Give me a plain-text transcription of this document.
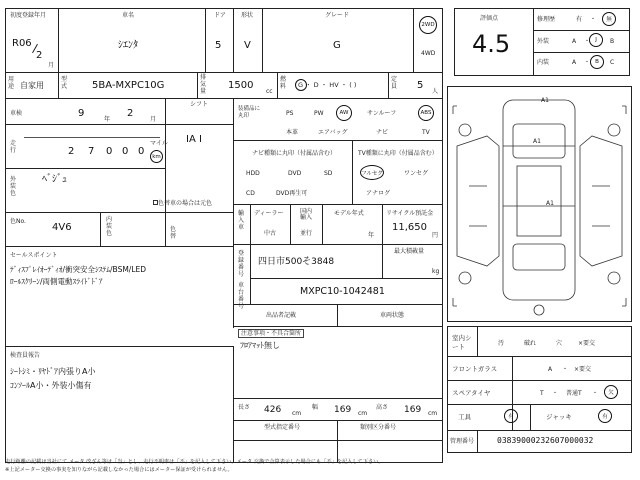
初度登録年月
R06
2
月
車名
ｼｴﾝﾀ
ドア
5
形状
V
グレード
G
2WD
4WD
評価点
4.5
修理歴	有 ・	無
外装	A ・ J	B
内装	A ・ B	C
用途 自家用
型式 5BA-MXPC10G
排気量
1500
cc
燃料 G ・ D ・ HV ・ ( )
定員 5
人
車検	9
年
2
月
シフト
IA I
走行	2 7 0 0 0
マイル
km
外装色
ﾍﾞｼﾞｭ
色替車の場合は元色
色No.
4V6
内装色
色替
セールスポイント
ﾃﾞｨｽﾌﾟﾚｲｵｰﾃﾞｨｵ/衝突安全ｼｽﾃﾑ/BSM/LED
ﾛｰﾙｽｸﾘｰﾝ/両側電動ｽﾗｲﾄﾞﾄﾞｱ
検査員報告
ｼｰﾄｼﾐ・ﾘﾔﾄﾞｱ内張りA小
ｺﾝｿｰﾙA小・外装小傷有
装備品に丸印	PS	PW	AW	サンルーフ	ABS
本革	エアバッグ	ナビ	TV
ナビ種類に丸印（付属品含む）
HDD	DVD	SD
CD	DVD再生可
TV種類に丸印（付属品含む）
フルセグ	ワンセグ
アナログ
輸入車
ディーラー	国内
輸入
中古	並行
モデル年式
年
リサイクル預託金
11,650
円
登録番号
四日市500そ3848
最大積載量
kg
車台番号
MXPC10-1042481
出品者記載	車両状態
注意事項・不具合箇所
ﾌﾛｱﾏｯﾄ無し
長さ 426 cm
幅 169 cm
高さ 169 cm
型式指定番号	類別区分番号
室内シート	汚	破れ	穴	×要交
フロントガラス	A ・ ×要交
スペアタイヤ	T ・ 普通T ・	欠
工具	有	ジャッキ	有
管理番号	03839000232607000032
走行距離の記載は当社にて メータ 改ざん等は「当」とし、走行不明車は「不」を記入して下さい。メータ 交換で合算表示した場合にも「不」を記入して下さい。
※上記メーター交換の事実を知りながら記載しなかった場合にはメーター保証が受けられません。
A1
A1
A1
